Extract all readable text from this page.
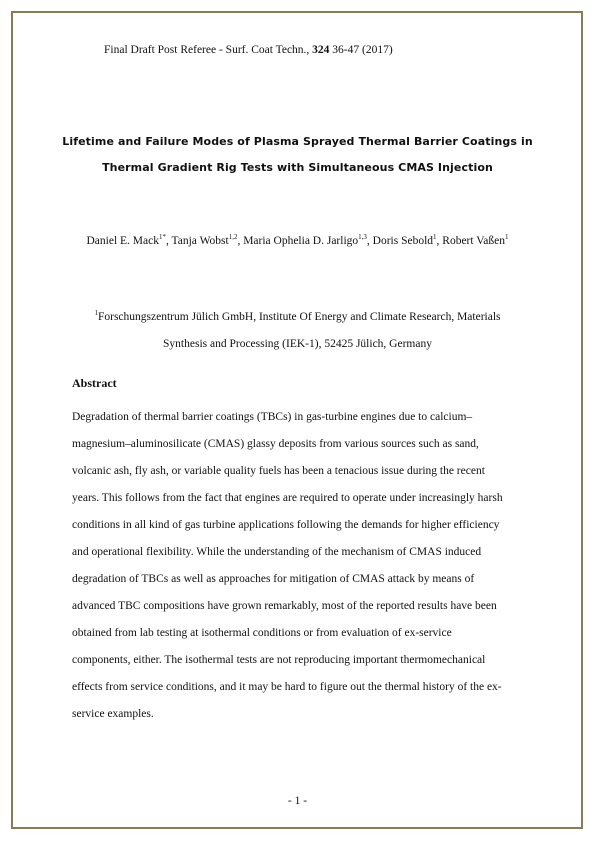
Final Draft Post Referee - Surf. Coat Techn., 324 36-47 (2017)
Lifetime and Failure Modes of Plasma Sprayed Thermal Barrier Coatings in
Thermal Gradient Rig Tests with Simultaneous CMAS Injection
Daniel E. Mack$^{1*}$, Tanja Wobst$^{1,2}$, Maria Ophelia D. Jarligo$^{1,3}$, Doris Sebold$^1$, Robert Vaßen$^1$
$^1$Forschungszentrum Jülich GmbH, Institute Of Energy and Climate Research, Materials
Synthesis and Processing (IEK-1), 52425 Jülich, Germany
Abstract
Degradation of thermal barrier coatings (TBCs) in gas-turbine engines due to calcium–
magnesium–aluminosilicate (CMAS) glassy deposits from various sources such as sand,
volcanic ash, fly ash, or variable quality fuels has been a tenacious issue during the recent
years. This follows from the fact that engines are required to operate under increasingly harsh
conditions in all kind of gas turbine applications following the demands for higher efficiency
and operational flexibility. While the understanding of the mechanism of CMAS induced
degradation of TBCs as well as approaches for mitigation of CMAS attack by means of
advanced TBC compositions have grown remarkably, most of the reported results have been
obtained from lab testing at isothermal conditions or from evaluation of ex-service
components, either. The isothermal tests are not reproducing important thermomechanical
effects from service conditions, and it may be hard to figure out the thermal history of the ex-
service examples.
- 1 -
